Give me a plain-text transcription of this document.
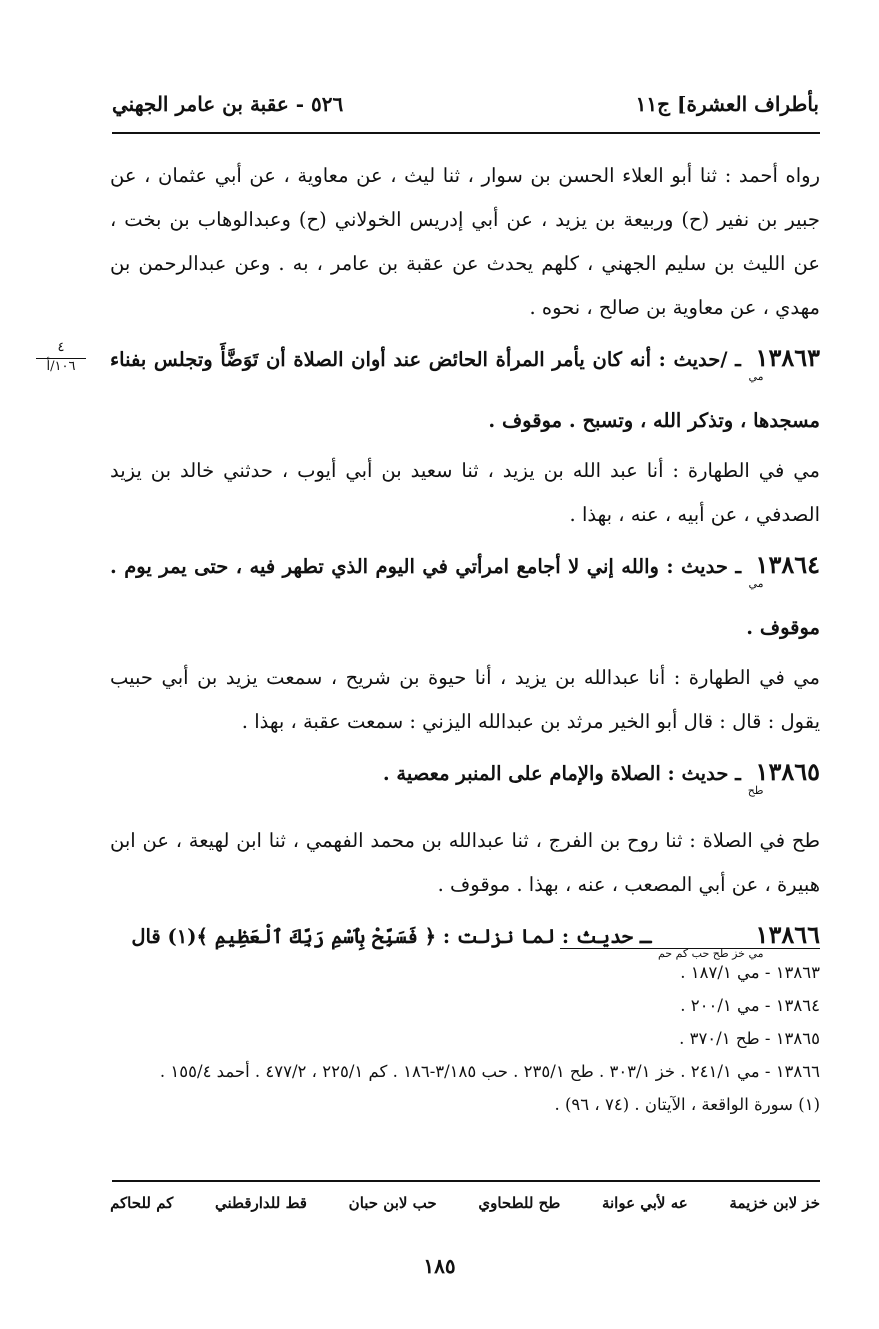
بأطراف العشرة] ج١١
٥٢٦ - عقبة بن عامر الجهني
٤
١٠٦/أ

رواه أحمد : ثنا أبو العلاء الحسن بن سوار ، ثنا ليث ، عن معاوية ، عن أبي عثمان ، عن جبير بن نفير (ح) وربيعة بن يزيد ، عن أبي إدريس الخولاني (ح) وعبدالوهاب بن بخت ، عن الليث بن سليم الجهني ، كلهم يحدث عن عقبة بن عامر ، به . وعن عبدالرحمن بن مهدي ، عن معاوية بن صالح ، نحوه .

$١٣٨٦٣_{مي}$ ـ /حديث : أنه كان يأمر المرأة الحائض عند أوان الصلاة أن تَوَضَّأَ وتجلس بفناء مسجدها ، وتذكر الله ، وتسبح . موقوف .

مي في الطهارة : أنا عبد الله بن يزيد ، ثنا سعيد بن أبي أيوب ، حدثني خالد بن يزيد الصدفي ، عن أبيه ، عنه ، بهذا .

$١٣٨٦٤_{مي}$ ـ حديث : والله إني لا أجامع امرأتي في اليوم الذي تطهر فيه ، حتى يمر يوم . موقوف .

مي في الطهارة : أنا عبدالله بن يزيد ، أنا حيوة بن شريح ، سمعت يزيد بن أبي حبيب يقول : قال : قال أبو الخير مرثد بن عبدالله اليزني : سمعت عقبة ، بهذا .

$١٣٨٦٥_{طح}$ ـ حديث : الصلاة والإمام على المنبر معصية .

طح في الصلاة : ثنا روح بن الفرج ، ثنا عبدالله بن محمد الفهمي ، ثنا ابن لهيعة ، عن ابن هبيرة ، عن أبي المصعب ، عنه ، بهذا . موقوف .

$١٣٨٦٦_{مي خز طح حب كم حم}$ ـ حديث : لما نزلت : ﴿ فَسَبِّحْ بِٱسْمِ رَبِّكَ ٱلْعَظِيمِ ﴾(١) قال

١٣٨٦٣ - مي ١٨٧/١ .
١٣٨٦٤ - مي ٢٠٠/١ .
١٣٨٦٥ - طح ٣٧٠/١ .
١٣٨٦٦ - مي ٢٤١/١ . خز ٣٠٣/١ . طح ٢٣٥/١ . حب ٣/١٨٥-١٨٦ . كم ٢٢٥/١ ، ٤٧٧/٢ . أحمد ١٥٥/٤ .
(١) سورة الواقعة ، الآيتان . (٧٤ ، ٩٦) .
خز لابن خزيمة
عه لأبي عوانة
طح للطحاوي
حب لابن حبان
قط للدارقطني
كم للحاكم
١٨٥
